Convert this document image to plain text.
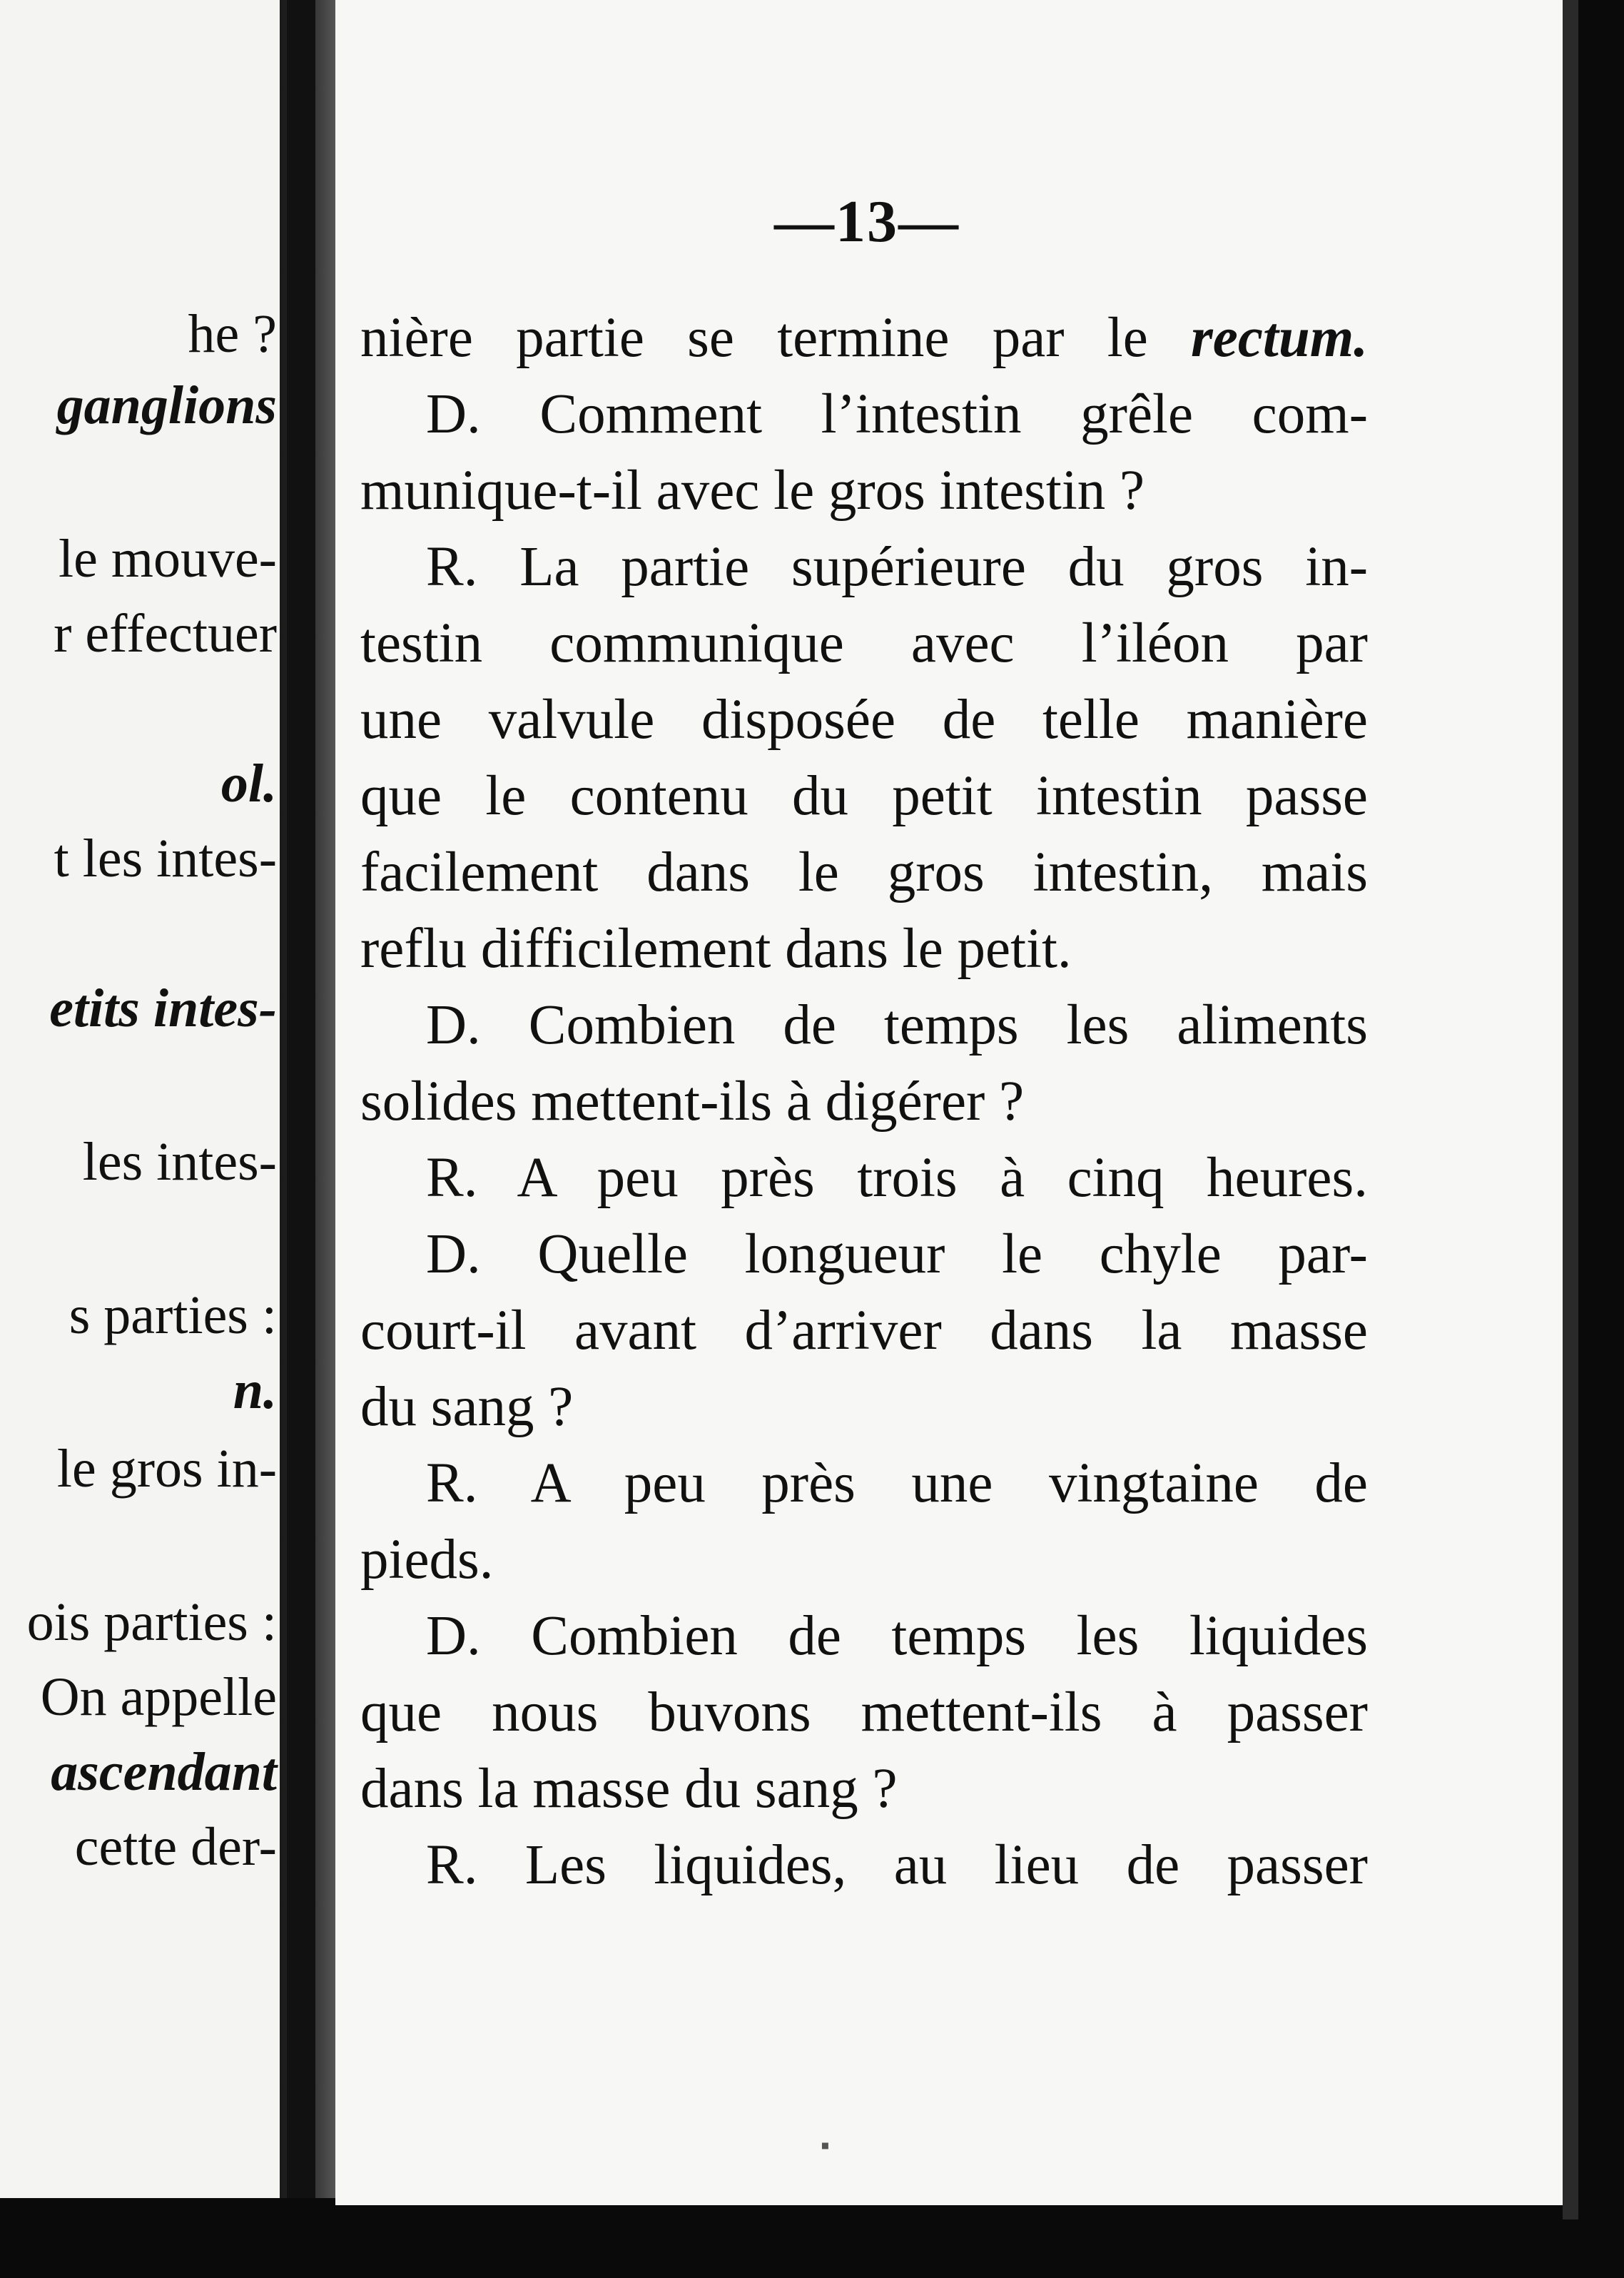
he ?
ganglions
le mouve-
r effectuer
ol.
t les intes-
etits intes-
les intes-
s parties :
n.
le gros in-
ois parties :
On appelle
ascendant
cette der-
—13—
nière partie se termine par le rectum.
D. Comment l’intestin grêle com-
munique-t-il avec le gros intestin ?
R. La partie supérieure du gros in-
testin communique avec l’iléon par
une valvule disposée de telle manière
que le contenu du petit intestin passe
facilement dans le gros intestin, mais
reflu difficilement dans le petit.
D. Combien de temps les aliments
solides mettent-ils à digérer ?
R. A peu près trois à cinq heures.
D. Quelle longueur le chyle par-
court-il avant d’arriver dans la masse
du sang ?
R. A peu près une vingtaine de
pieds.
D. Combien de temps les liquides
que nous buvons mettent-ils à passer
dans la masse du sang ?
R. Les liquides, au lieu de passer
▪
